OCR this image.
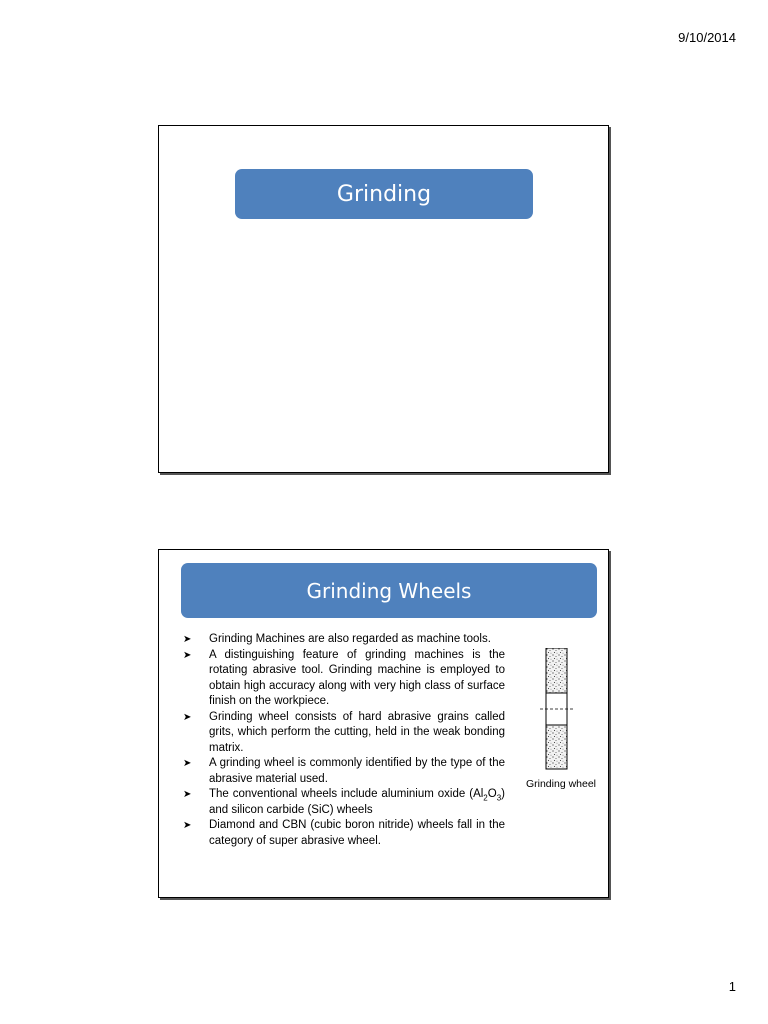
9/10/2014
Grinding
Grinding Wheels
➤ Grinding Machines are also regarded as machine tools.
➤ A distinguishing feature of grinding machines is the rotating abrasive tool. Grinding machine is employed to obtain high accuracy along with very high class of surface finish on the workpiece.
➤ Grinding wheel consists of hard abrasive grains called grits, which perform the cutting, held in the weak bonding matrix.
➤ A grinding wheel is commonly identified by the type of the abrasive material used.
➤ The conventional wheels include aluminium oxide $(Al_2O_3)$ and silicon carbide (SiC) wheels
➤ Diamond and CBN (cubic boron nitride) wheels fall in the category of super abrasive wheel.
Grinding wheel
1
